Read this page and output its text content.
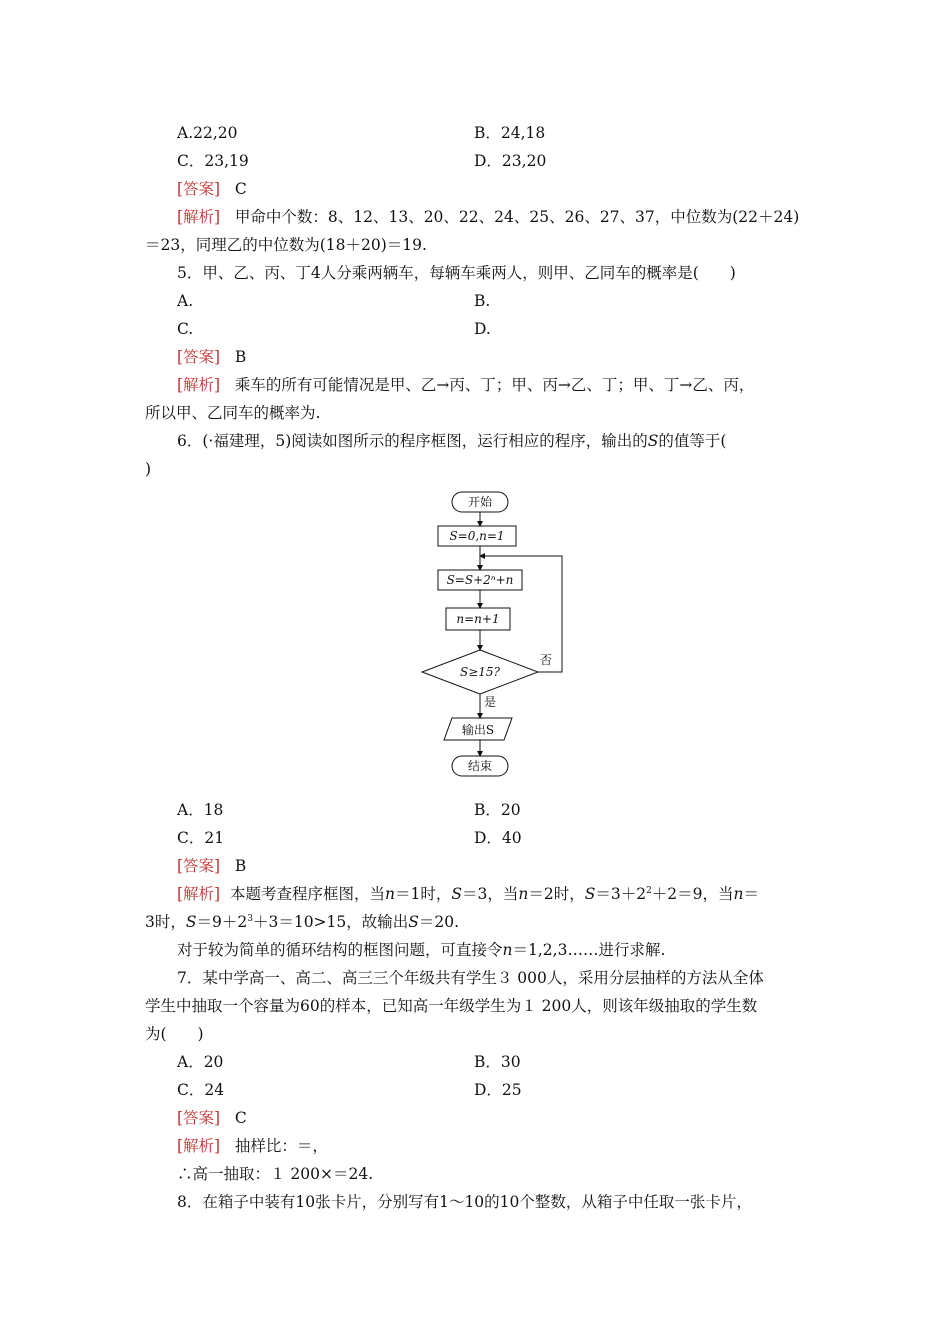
A.22,20	B．24,18
C．23,19	D．23,20
[答案] C
[解析] 甲命中个数：8、12、13、20、22、24、25、26、27、37，中位数为(22＋24)
＝23，同理乙的中位数为(18＋20)＝19.
5．甲、乙、丙、丁4人分乘两辆车，每辆车乘两人，则甲、乙同车的概率是(　　)
A.	B.
C.	D.
[答案] B
[解析] 乘车的所有可能情况是甲、乙→丙、丁；甲、丙→乙、丁；甲、丁→乙、丙，
所以甲、乙同车的概率为.
6．(·福建理，5)阅读如图所示的程序框图，运行相应的程序，输出的S的值等于(
)
开始
S=0,n=1
S=S+2ⁿ+n
n=n+1
S≥15?
否
是
输出S
结束
A．18	B．20
C．21	D．40
[答案] B
[解析] 本题考查程序框图，当n＝1时，S＝3，当n＝2时，$S=3+2^2+2=9$，当n＝
3时，$S=9+2^3+3=10>15$，故输出S＝20.
对于较为简单的循环结构的框图问题，可直接令n＝1,2,3……进行求解.
7．某中学高一、高二、高三三个年级共有学生３ 000人，采用分层抽样的方法从全体
学生中抽取一个容量为60的样本，已知高一年级学生为１ 200人，则该年级抽取的学生数
为(　　)
A．20	B．30
C．24	D．25
[答案] C
[解析] 抽样比：＝，
∴高一抽取：１ 200×＝24.
8．在箱子中装有10张卡片，分别写有1～10的10个整数，从箱子中任取一张卡片，
